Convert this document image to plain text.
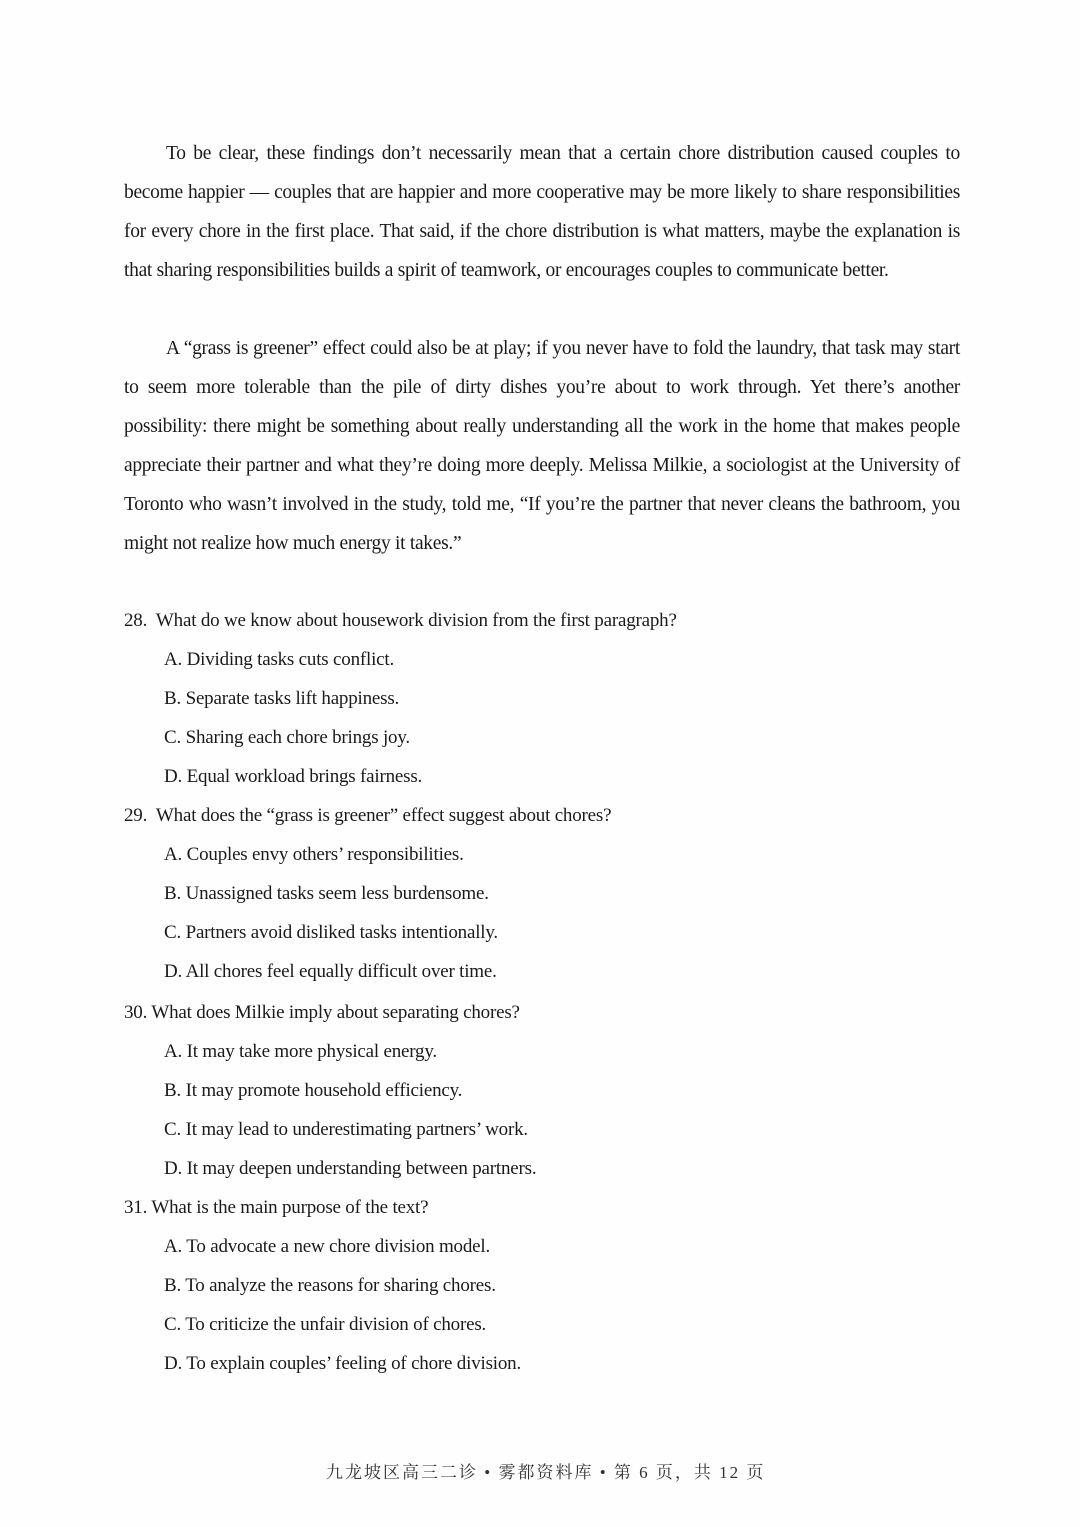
To be clear, these findings don’t necessarily mean that a certain chore distribution caused couples to become happier — couples that are happier and more cooperative may be more likely to share responsibilities for every chore in the first place. That said, if the chore distribution is what matters, maybe the explanation is that sharing responsibilities builds a spirit of teamwork, or encourages couples to communicate better.

A “grass is greener” effect could also be at play; if you never have to fold the laundry, that task may start to seem more tolerable than the pile of dirty dishes you’re about to work through. Yet there’s another possibility: there might be something about really understanding all the work in the home that makes people appreciate their partner and what they’re doing more deeply. Melissa Milkie, a sociologist at the University of Toronto who wasn’t involved in the study, told me, “If you’re the partner that never cleans the bathroom, you might not realize how much energy it takes.”

28. What do we know about housework division from the first paragraph?
A. Dividing tasks cuts conflict.
B. Separate tasks lift happiness.
C. Sharing each chore brings joy.
D. Equal workload brings fairness.
29. What does the “grass is greener” effect suggest about chores?
A. Couples envy others’ responsibilities.
B. Unassigned tasks seem less burdensome.
C. Partners avoid disliked tasks intentionally.
D. All chores feel equally difficult over time.
30. What does Milkie imply about separating chores?
A. It may take more physical energy.
B. It may promote household efficiency.
C. It may lead to underestimating partners’ work.
D. It may deepen understanding between partners.
31. What is the main purpose of the text?
A. To advocate a new chore division model.
B. To analyze the reasons for sharing chores.
C. To criticize the unfair division of chores.
D. To explain couples’ feeling of chore division.
九龙坡区高三二诊 • 雾都资料库 • 第 6 页，共 12 页
